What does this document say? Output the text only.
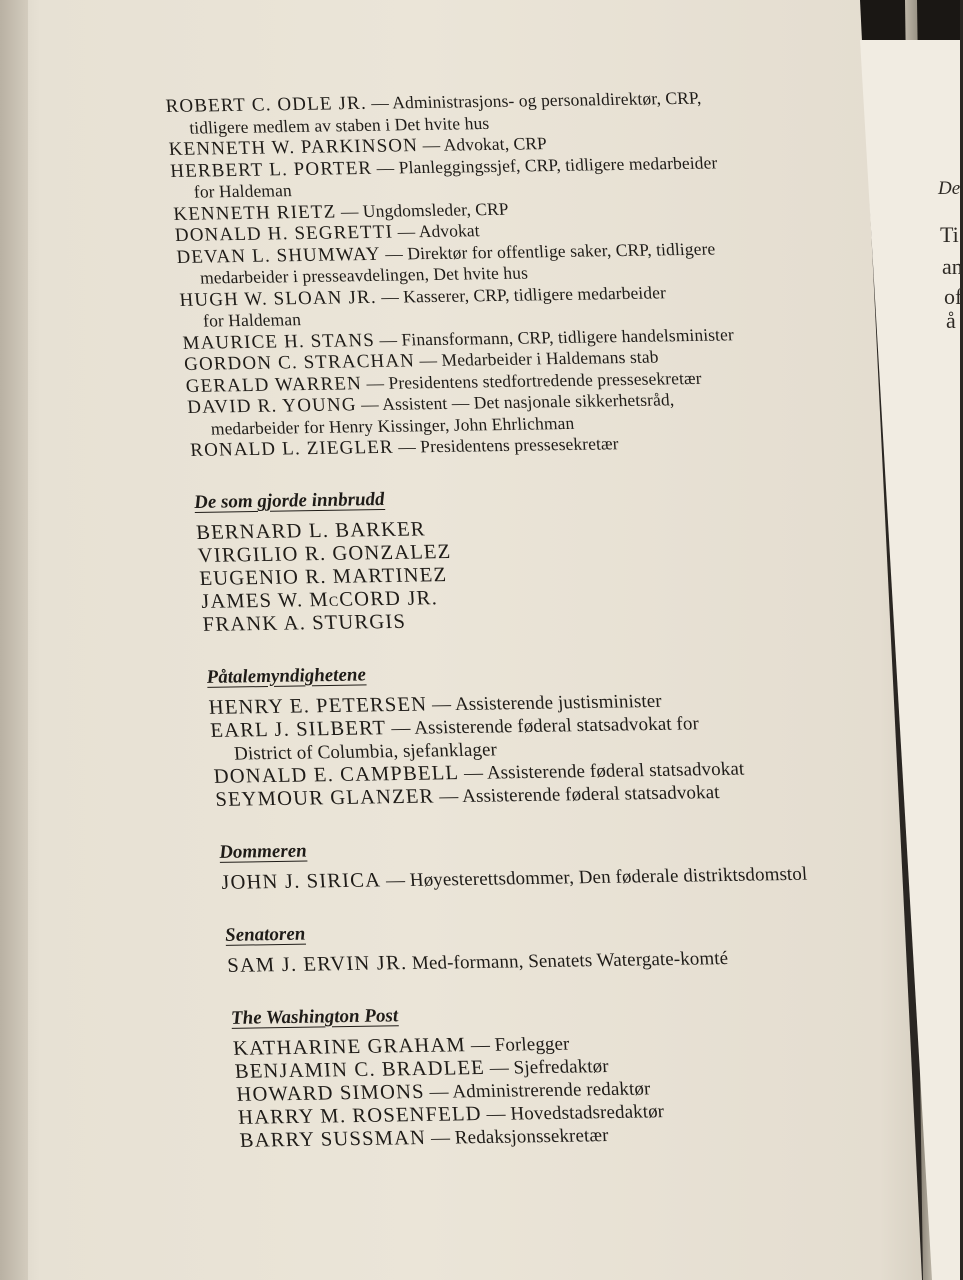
De
Ti
an
of
å

ROBERT C. ODLE JR. — Administrasjons- og personaldirektør, CRP,
tidligere medlem av staben i Det hvite hus

KENNETH W. PARKINSON — Advokat, CRP

HERBERT L. PORTER — Planleggingssjef, CRP, tidligere medarbeider
for Haldeman

KENNETH RIETZ — Ungdomsleder, CRP

DONALD H. SEGRETTI — Advokat

DEVAN L. SHUMWAY — Direktør for offentlige saker, CRP, tidligere
medarbeider i presseavdelingen, Det hvite hus

HUGH W. SLOAN JR. — Kasserer, CRP, tidligere medarbeider
for Haldeman

MAURICE H. STANS — Finansformann, CRP, tidligere handelsminister

GORDON C. STRACHAN — Medarbeider i Haldemans stab

GERALD WARREN — Presidentens stedfortredende pressesekretær

DAVID R. YOUNG — Assistent — Det nasjonale sikkerhetsråd,
medarbeider for Henry Kissinger, John Ehrlichman

RONALD L. ZIEGLER — Presidentens pressesekretær

De som gjorde innbrudd

BERNARD L. BARKER

VIRGILIO R. GONZALEZ

EUGENIO R. MARTINEZ

JAMES W. McCORD JR.

FRANK A. STURGIS

Påtalemyndighetene

HENRY E. PETERSEN — Assisterende justisminister

EARL J. SILBERT — Assisterende føderal statsadvokat for
District of Columbia, sjefanklager

DONALD E. CAMPBELL — Assisterende føderal statsadvokat

SEYMOUR GLANZER — Assisterende føderal statsadvokat

Dommeren

JOHN J. SIRICA — Høyesterettsdommer, Den føderale distriktsdomstol

Senatoren

SAM J. ERVIN JR. Med-formann, Senatets Watergate-komté

The Washington Post

KATHARINE GRAHAM — Forlegger

BENJAMIN C. BRADLEE — Sjefredaktør

HOWARD SIMONS — Administrerende redaktør

HARRY M. ROSENFELD — Hovedstadsredaktør

BARRY SUSSMAN — Redaksjonssekretær
